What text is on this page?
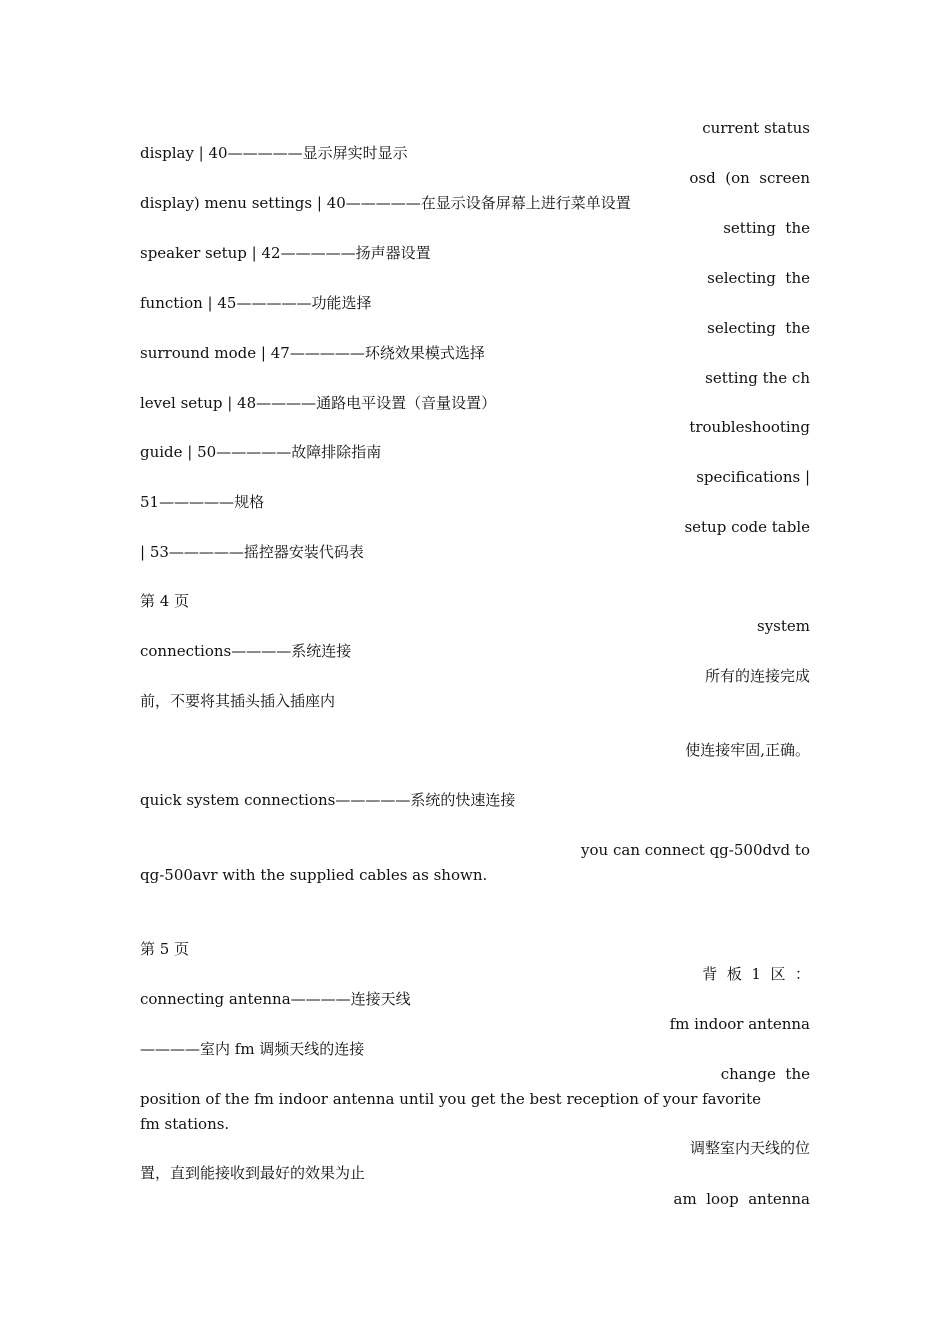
current status
display | 40—————显示屏实时显示
osd  (on  screen
display) menu settings | 40—————在显示设备屏幕上进行菜单设置
setting  the
speaker setup | 42—————扬声器设置
selecting  the
function | 45—————功能选择
selecting  the
surround mode | 47—————环绕效果模式选择
setting the ch
level setup | 48————通路电平设置（音量设置）
troubleshooting
guide | 50—————故障排除指南
specifications |
51—————规格
setup code table
| 53—————摇控器安装代码表
第 4 页
system
connections————系统连接
所有的连接完成
前，不要将其插头插入插座内
使连接牢固,正确。
quick system connections—————系统的快速连接
you can connect qg-500dvd to
qg-500avr with the supplied cables as shown.
第 5 页
背  板  1  区  ：
connecting antenna————连接天线
fm indoor antenna
————室内 fm 调频天线的连接
change  the
position of the fm indoor antenna until you get the best reception of your favorite
fm stations.
调整室内天线的位
置，直到能接收到最好的效果为止
am  loop  antenna
